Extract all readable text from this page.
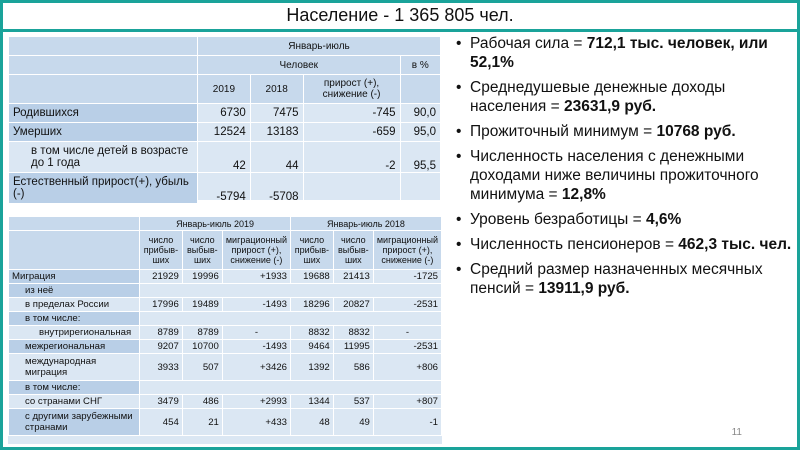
Население - 1 365 805 чел.
	Январь-июль			
	Человек			в %
	2019	2018	прирост (+), снижение (-)	
Родившихся	6730	7475	-745	90,0
Умерших	12524	13183	-659	95,0
в том числе детей в возрасте до 1 года	42	44	-2	95,5
Естественный прирост(+), убыль (-)	-5794	-5708		
	Январь-июль 2019			Январь-июль 2018		
	число прибыв-ших	число выбыв-ших	миграционный прирост (+), снижение (-)	число прибыв-ших	число выбыв-ших	миграционный прирост (+), снижение (-)
Миграция	21929	19996	+1933	19688	21413	-1725
из неё						
в пределах России	17996	19489	-1493	18296	20827	-2531
в том числе:						
внутрирегиональная	8789	8789	-	8832	8832	-
межрегиональная	9207	10700	-1493	9464	11995	-2531
международная миграция	3933	507	+3426	1392	586	+806
в том числе:						
со странами СНГ	3479	486	+2993	1344	537	+807
с другими зарубежными странами	454	21	+433	48	49	-1
• Рабочая сила = 712,1 тыс. человек, или 52,1%
• Среднедушевые денежные доходы населения = 23631,9 руб.
• Прожиточный минимум = 10768 руб.
• Численность населения с денежными доходами ниже величины прожиточного минимума = 12,8%
• Уровень безработицы = 4,6%
• Численность пенсионеров = 462,3 тыс. чел.
• Средний размер назначенных месячных пенсий = 13911,9 руб.
11
